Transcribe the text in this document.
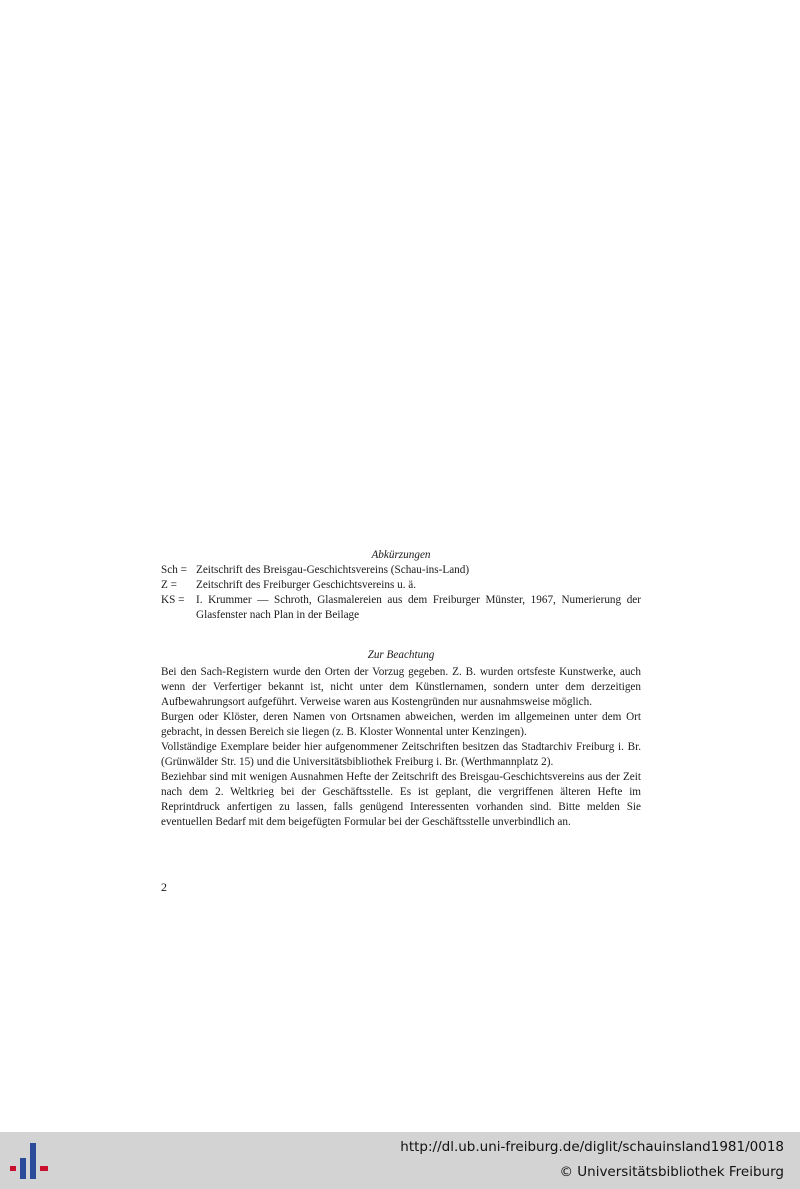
Abkürzungen

Sch = Zeitschrift des Breisgau-Geschichtsvereins (Schau-ins-Land)
Z =	Zeitschrift des Freiburger Geschichtsvereins u. ä.
KS =	I. Krummer — Schroth, Glasmalereien aus dem Freiburger Münster, 1967, Numerierung der Glasfenster nach Plan in der Beilage

Zur Beachtung

Bei den Sach-Registern wurde den Orten der Vorzug gegeben. Z. B. wurden ortsfeste Kunstwerke, auch wenn der Verfertiger bekannt ist, nicht unter dem Künstlernamen, sondern unter dem derzeitigen Aufbewahrungsort aufgeführt. Verweise waren aus Kostengründen nur ausnahmsweise möglich.

Burgen oder Klöster, deren Namen von Ortsnamen abweichen, werden im allgemeinen unter dem Ort gebracht, in dessen Bereich sie liegen (z. B. Kloster Wonnental unter Kenzingen).

Vollständige Exemplare beider hier aufgenommener Zeitschriften besitzen das Stadtarchiv Freiburg i. Br. (Grünwälder Str. 15) und die Universitätsbibliothek Freiburg i. Br. (Werthmannplatz 2).

Beziehbar sind mit wenigen Ausnahmen Hefte der Zeitschrift des Breisgau-Geschichtsvereins aus der Zeit nach dem 2. Weltkrieg bei der Geschäftsstelle. Es ist geplant, die vergriffenen älteren Hefte im Reprintdruck anfertigen zu lassen, falls genügend Interessenten vorhanden sind. Bitte melden Sie eventuellen Bedarf mit dem beigefügten Formular bei der Geschäftsstelle unverbindlich an.

2
http://dl.ub.uni-freiburg.de/diglit/schauinsland1981/0018
© Universitätsbibliothek Freiburg
